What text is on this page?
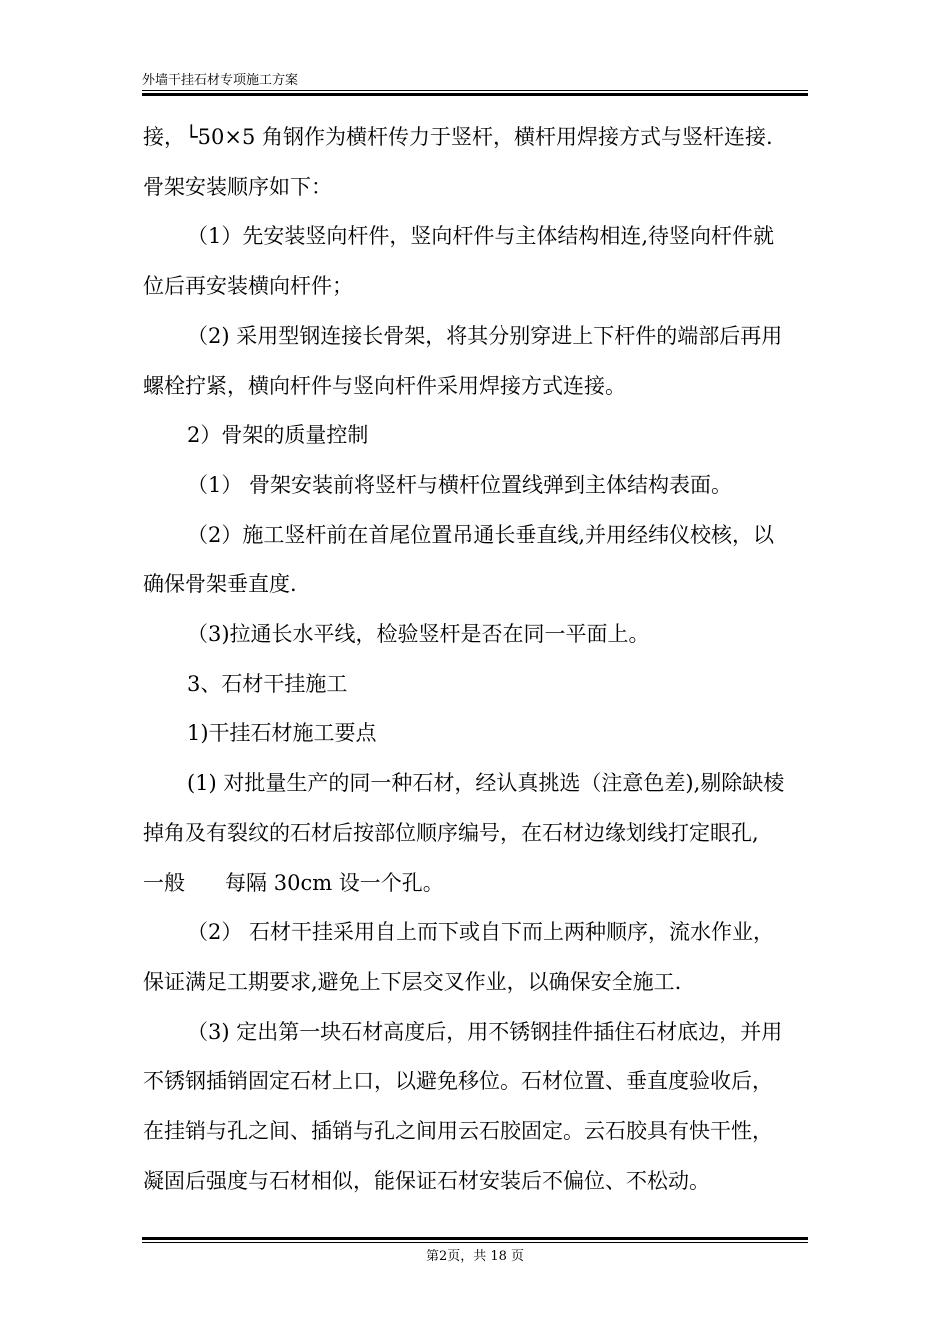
外墙干挂石材专项施工方案
接，└50×5 角钢作为横杆传力于竖杆，横杆用焊接方式与竖杆连接.
骨架安装顺序如下：
（1）先安装竖向杆件，竖向杆件与主体结构相连,待竖向杆件就
位后再安装横向杆件；
（2) 采用型钢连接长骨架，将其分别穿进上下杆件的端部后再用
螺栓拧紧，横向杆件与竖向杆件采用焊接方式连接。
2）骨架的质量控制
（1） 骨架安装前将竖杆与横杆位置线弹到主体结构表面。
（2）施工竖杆前在首尾位置吊通长垂直线,并用经纬仪校核，以
确保骨架垂直度.
（3)拉通长水平线，检验竖杆是否在同一平面上。
3、石材干挂施工
1)干挂石材施工要点
(1) 对批量生产的同一种石材，经认真挑选（注意色差),剔除缺棱
掉角及有裂纹的石材后按部位顺序编号，在石材边缘划线打定眼孔,
一般      每隔 30cm 设一个孔。
（2） 石材干挂采用自上而下或自下而上两种顺序，流水作业，
保证满足工期要求,避免上下层交叉作业，以确保安全施工.
（3) 定出第一块石材高度后，用不锈钢挂件插住石材底边，并用
不锈钢插销固定石材上口，以避免移位。石材位置、垂直度验收后，
在挂销与孔之间、插销与孔之间用云石胶固定。云石胶具有快干性，
凝固后强度与石材相似，能保证石材安装后不偏位、不松动。
第2页，共 18 页
